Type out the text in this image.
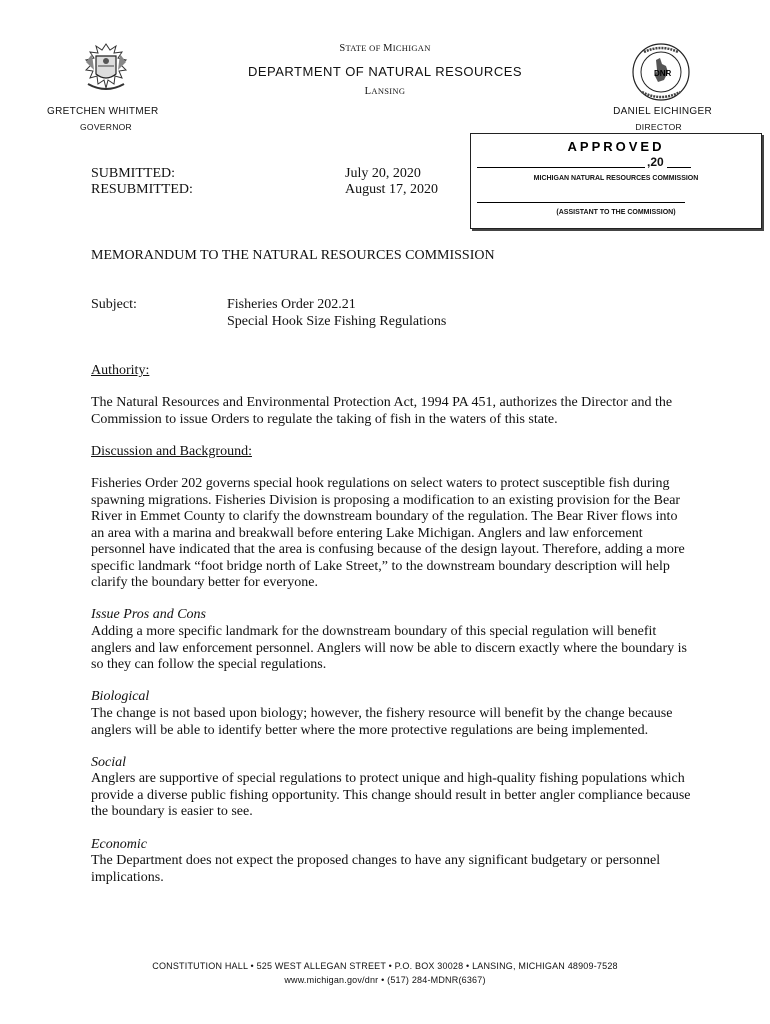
STATE OF MICHIGAN
DEPARTMENT OF NATURAL RESOURCES
LANSING
DNR
GRETCHEN WHITMER
GOVERNOR
DANIEL EICHINGER
DIRECTOR
APPROVED
,20
MICHIGAN NATURAL RESOURCES COMMISSION
(ASSISTANT TO THE COMMISSION)
SUBMITTED:
RESUBMITTED:
July 20, 2020
August 17, 2020
MEMORANDUM TO THE NATURAL RESOURCES COMMISSION
Subject:	Fisheries Order 202.21
Special Hook Size Fishing Regulations
Authority:
The Natural Resources and Environmental Protection Act, 1994 PA 451, authorizes the Director and the Commission to issue Orders to regulate the taking of fish in the waters of this state.
Discussion and Background:
Fisheries Order 202 governs special hook regulations on select waters to protect susceptible fish during spawning migrations. Fisheries Division is proposing a modification to an existing provision for the Bear River in Emmet County to clarify the downstream boundary of the regulation. The Bear River flows into an area with a marina and breakwall before entering Lake Michigan. Anglers and law enforcement personnel have indicated that the area is confusing because of the design layout. Therefore, adding a more specific landmark “foot bridge north of Lake Street,” to the downstream boundary description will help clarify the boundary better for everyone.
Issue Pros and Cons
Adding a more specific landmark for the downstream boundary of this special regulation will benefit anglers and law enforcement personnel. Anglers will now be able to discern exactly where the boundary is so they can follow the special regulations.
Biological
The change is not based upon biology; however, the fishery resource will benefit by the change because anglers will be able to identify better where the more protective regulations are being implemented.
Social
Anglers are supportive of special regulations to protect unique and high-quality fishing populations which provide a diverse public fishing opportunity. This change should result in better angler compliance because the boundary is easier to see.
Economic
The Department does not expect the proposed changes to have any significant budgetary or personnel implications.
CONSTITUTION HALL • 525 WEST ALLEGAN STREET • P.O. BOX 30028 • LANSING, MICHIGAN 48909-7528
www.michigan.gov/dnr • (517) 284-MDNR(6367)
